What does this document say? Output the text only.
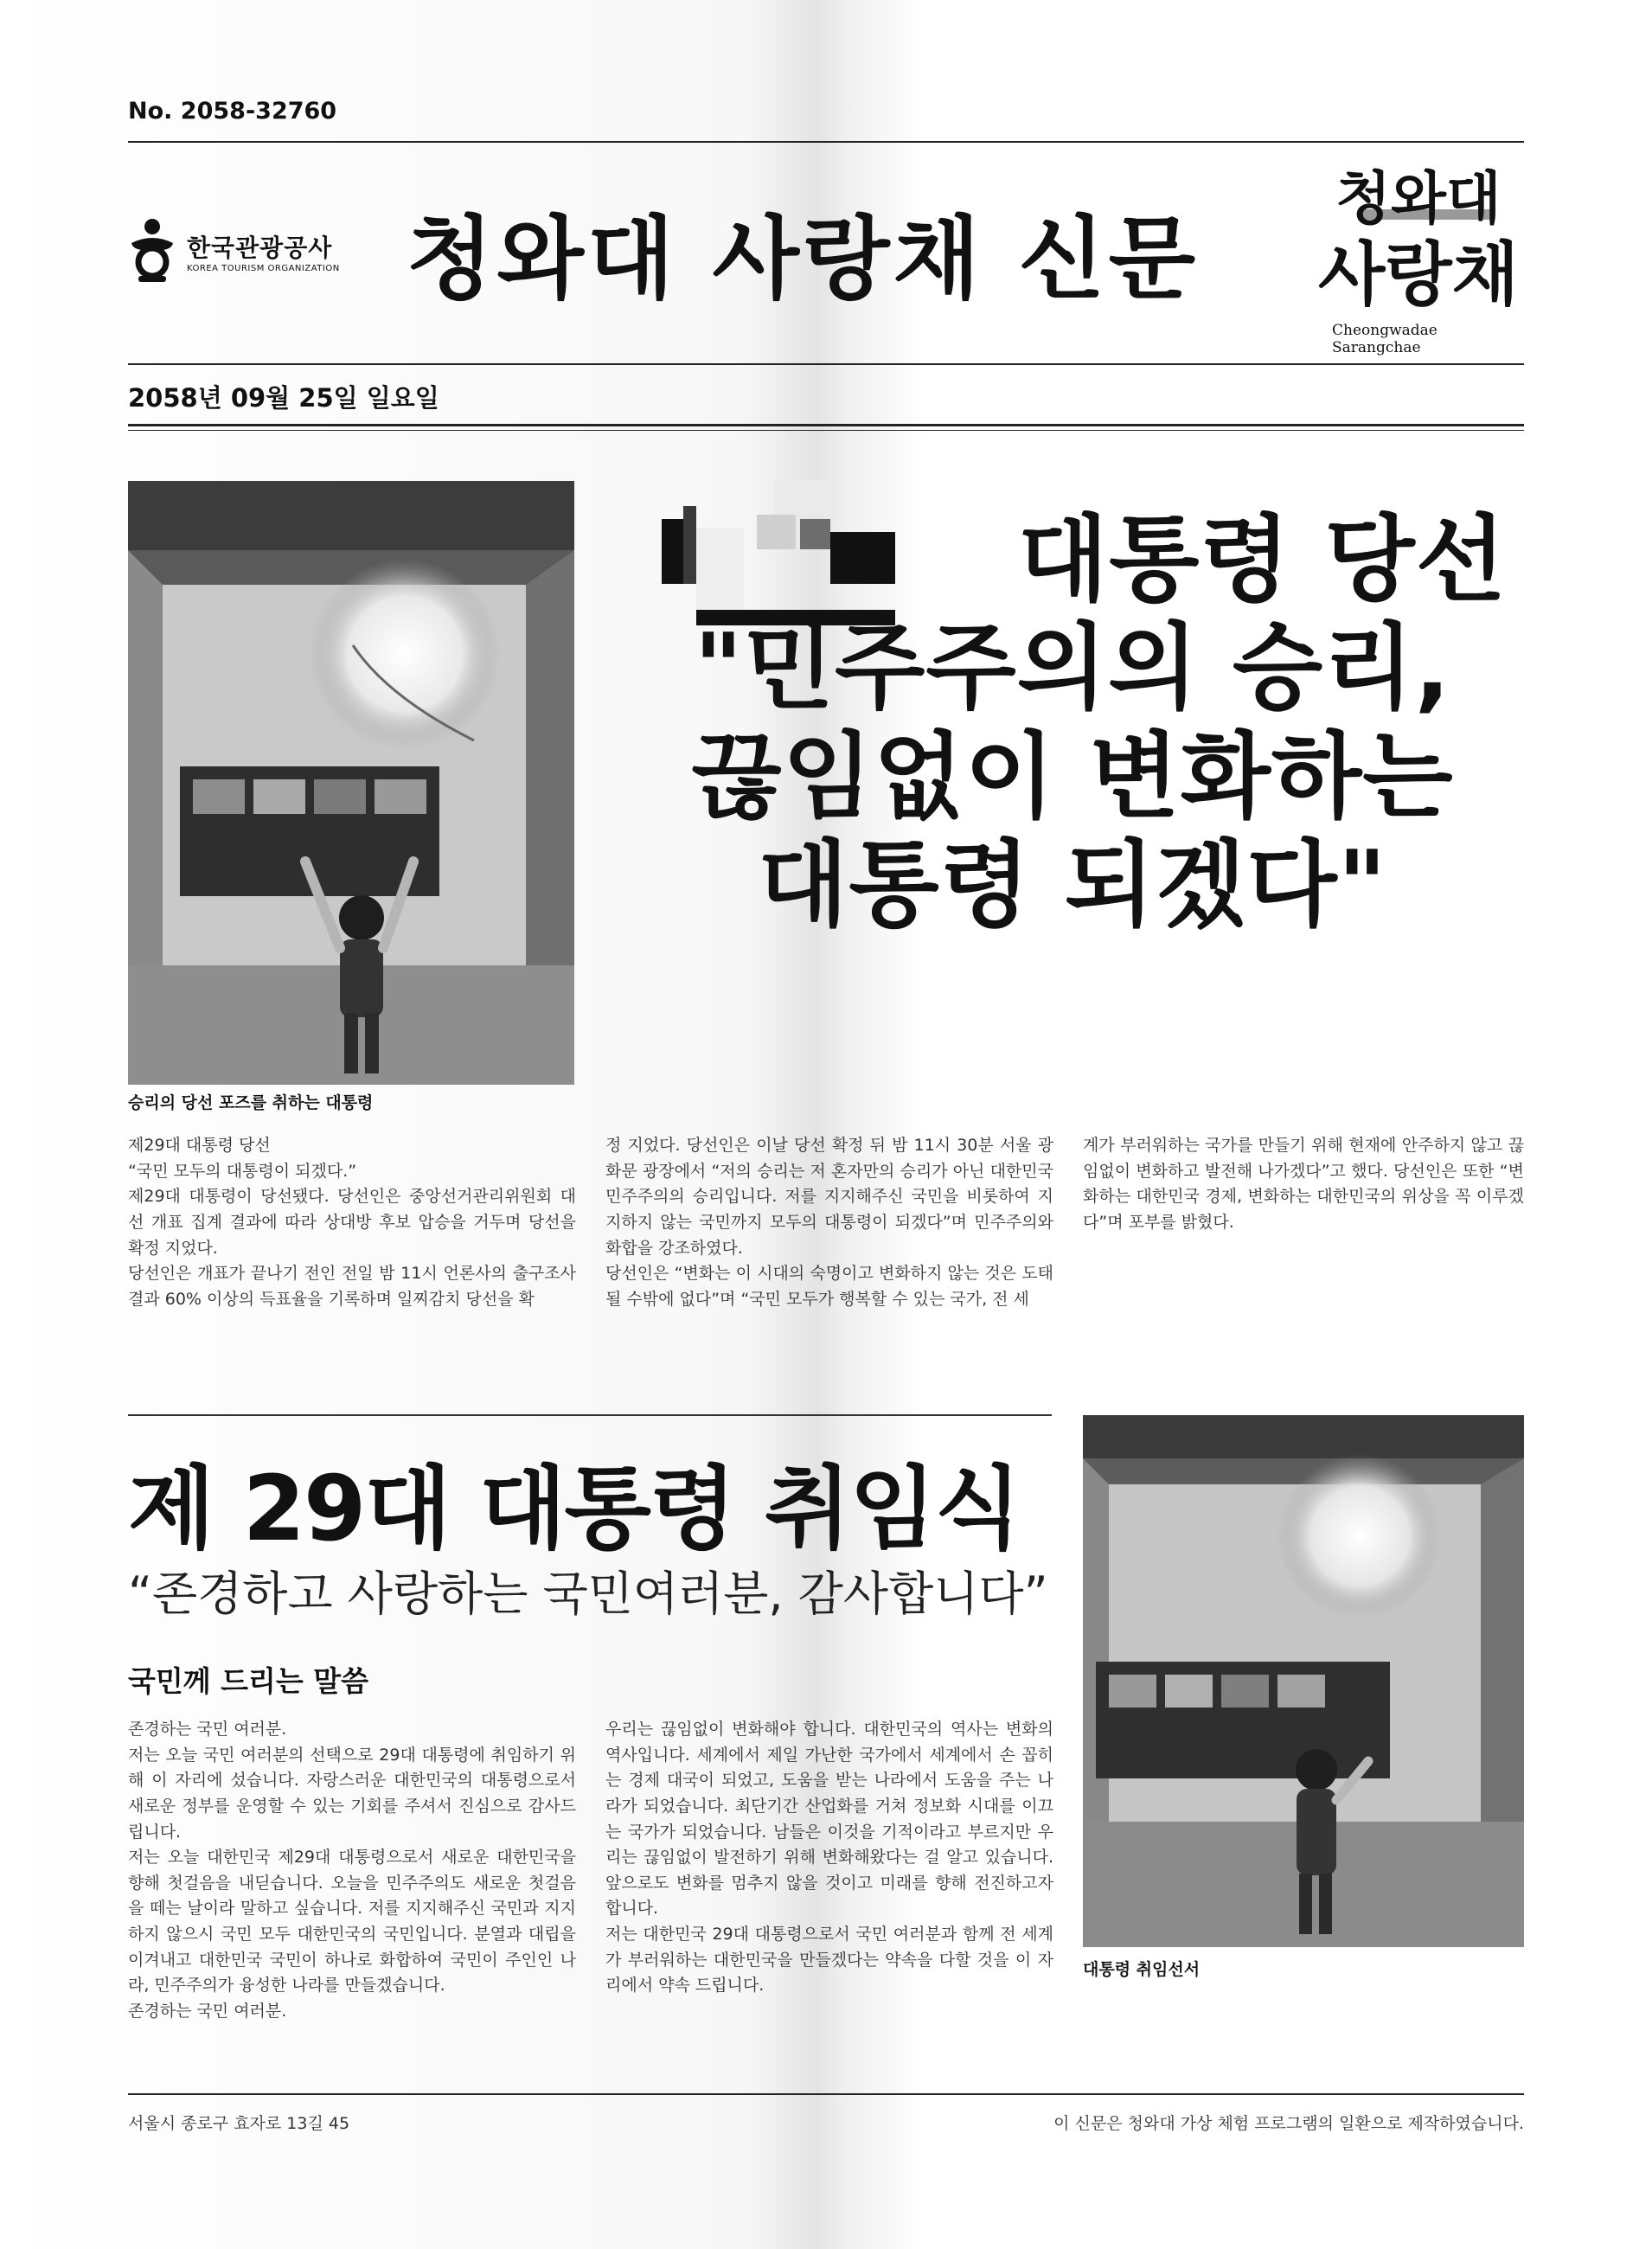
No. 2058-32760
한국관광공사
KOREA TOURISM ORGANIZATION 청와대 사랑채 신문
청와대
사랑채
Cheongwadae Sarangchae
2058년 09월 25일 일요일
승리의 당선 포즈를 취하는 대통령
대통령 당선
"민주주의의 승리,
끊임없이 변화하는
대통령 되겠다"

제29대 대통령 당선

“국민 모두의 대통령이 되겠다.”

제29대 대통령이 당선됐다. 당선인은 중앙선거관리위원회 대선 개표 집계 결과에 따라 상대방 후보 압승을 거두며 당선을 확정 지었다.

당선인은 개표가 끝나기 전인 전일 밤 11시 언론사의 출구조사 결과 60% 이상의 득표율을 기록하며 일찌감치 당선을 확

정 지었다. 당선인은 이날 당선 확정 뒤 밤 11시 30분 서울 광화문 광장에서 “저의 승리는 저 혼자만의 승리가 아닌 대한민국 민주주의의 승리입니다. 저를 지지해주신 국민을 비롯하여 지지하지 않는 국민까지 모두의 대통령이 되겠다”며 민주주의와 화합을 강조하였다.

당선인은 “변화는 이 시대의 숙명이고 변화하지 않는 것은 도태될 수밖에 없다”며 “국민 모두가 행복할 수 있는 국가, 전 세

계가 부러워하는 국가를 만들기 위해 현재에 안주하지 않고 끊임없이 변화하고 발전해 나가겠다”고 했다. 당선인은 또한 “변화하는 대한민국 경제, 변화하는 대한민국의 위상을 꼭 이루겠다”며 포부를 밝혔다.

제 29대 대통령 취임식
“존경하고 사랑하는 국민여러분, 감사합니다”
국민께 드리는 말씀

존경하는 국민 여러분.

저는 오늘 국민 여러분의 선택으로 29대 대통령에 취임하기 위해 이 자리에 섰습니다. 자랑스러운 대한민국의 대통령으로서 새로운 정부를 운영할 수 있는 기회를 주셔서 진심으로 감사드립니다.

저는 오늘 대한민국 제29대 대통령으로서 새로운 대한민국을 향해 첫걸음을 내딛습니다. 오늘을 민주주의도 새로운 첫걸음을 떼는 날이라 말하고 싶습니다. 저를 지지해주신 국민과 지지하지 않으시 국민 모두 대한민국의 국민입니다. 분열과 대립을 이겨내고 대한민국 국민이 하나로 화합하여 국민이 주인인 나라, 민주주의가 융성한 나라를 만들겠습니다.

존경하는 국민 여러분.

우리는 끊임없이 변화해야 합니다. 대한민국의 역사는 변화의 역사입니다. 세계에서 제일 가난한 국가에서 세계에서 손 꼽히는 경제 대국이 되었고, 도움을 받는 나라에서 도움을 주는 나라가 되었습니다. 최단기간 산업화를 거쳐 정보화 시대를 이끄는 국가가 되었습니다. 남들은 이것을 기적이라고 부르지만 우리는 끊임없이 발전하기 위해 변화해왔다는 걸 알고 있습니다. 앞으로도 변화를 멈추지 않을 것이고 미래를 향해 전진하고자 합니다.

저는 대한민국 29대 대통령으로서 국민 여러분과 함께 전 세계가 부러워하는 대한민국을 만들겠다는 약속을 다할 것을 이 자리에서 약속 드립니다.

대통령 취임선서
서울시 종로구 효자로 13길 45	이 신문은 청와대 가상 체험 프로그램의 일환으로 제작하였습니다.
